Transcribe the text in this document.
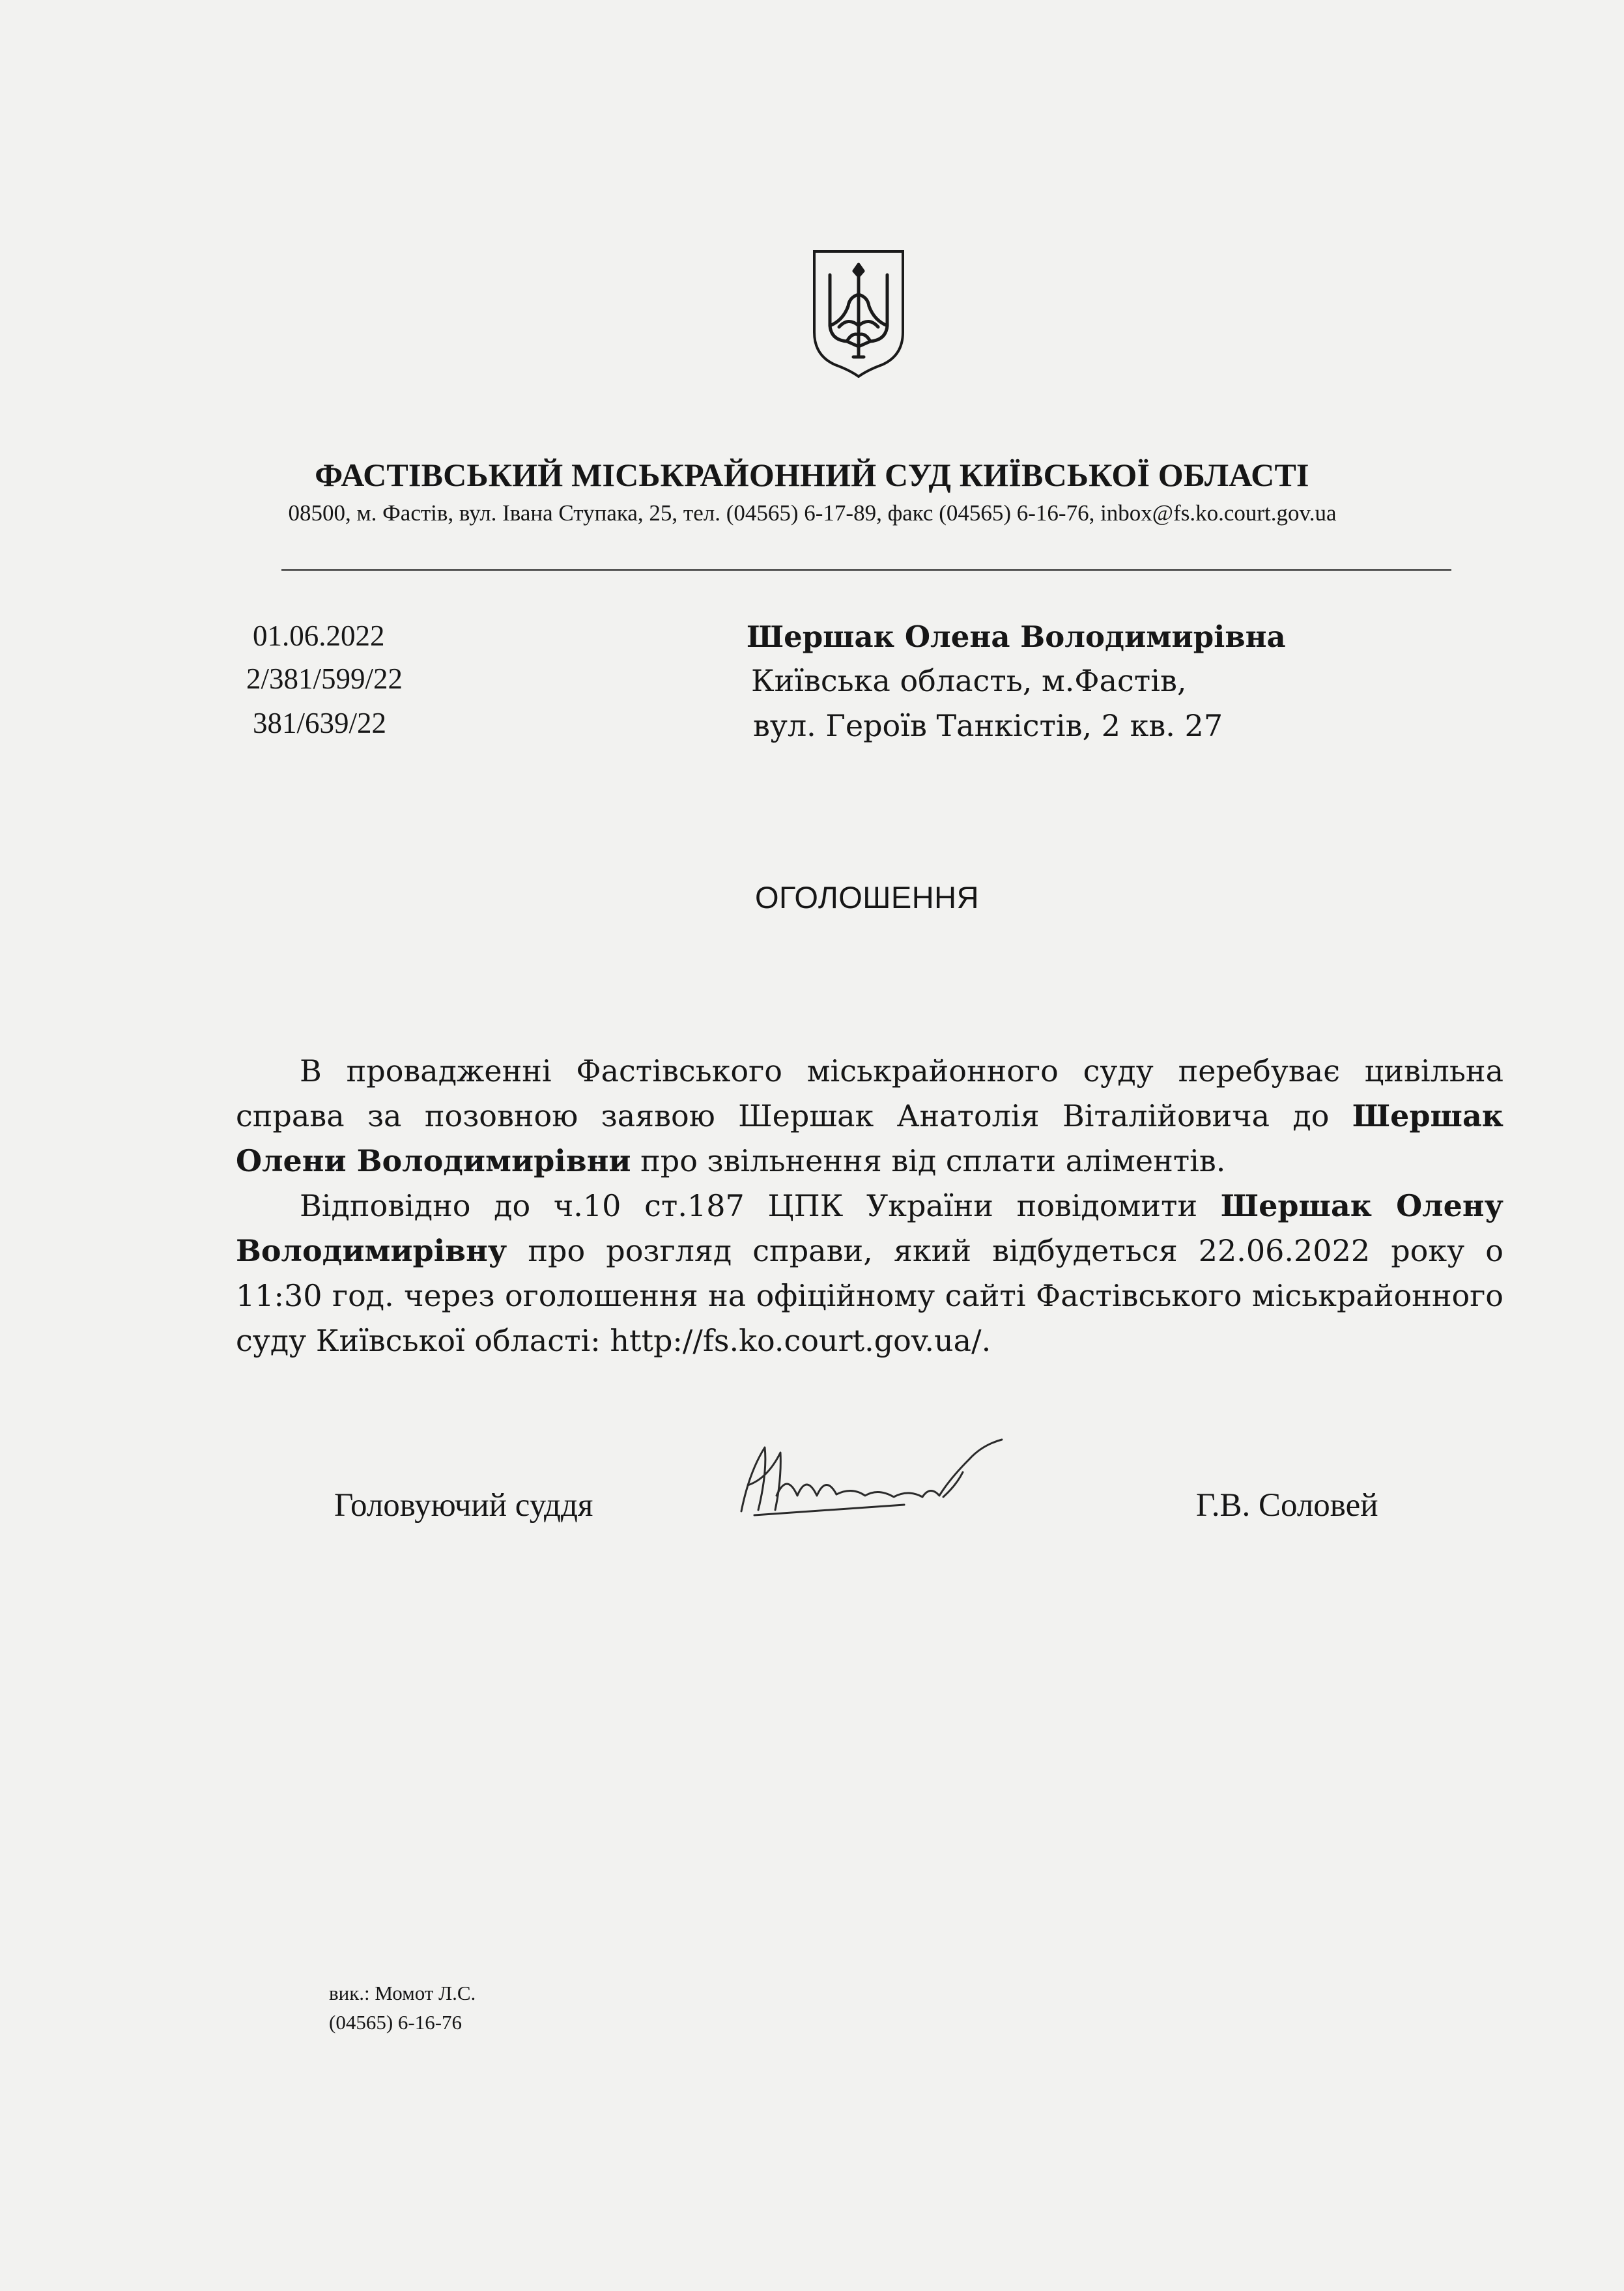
ФАСТІВСЬКИЙ МІСЬКРАЙОННИЙ СУД КИЇВСЬКОЇ ОБЛАСТІ
08500, м. Фастів, вул. Івана Ступака, 25, тел. (04565) 6-17-89, факс (04565) 6-16-76, inbox@fs.ko.court.gov.ua
01.06.2022
2/381/599/22
381/639/22
Шершак Олена Володимирівна
Київська область, м.Фастів,
вул. Героїв Танкістів, 2 кв. 27
ОГОЛОШЕННЯ

В провадженні Фастівського міськрайонного суду перебуває цивільна справа за позовною заявою Шершак Анатолія Віталійовича до Шершак Олени Володимирівни про звільнення від сплати аліментів.

Відповідно до ч.10 ст.187 ЦПК України повідомити Шершак Олену Володимирівну про розгляд справи, який відбудеться 22.06.2022 року о 11:30 год. через оголошення на офіційному сайті Фастівського міськрайонного суду Київської області: http://fs.ko.court.gov.ua/.

Головуючий суддя	Г.В. Соловей
вик.: Момот Л.С.
(04565) 6-16-76
